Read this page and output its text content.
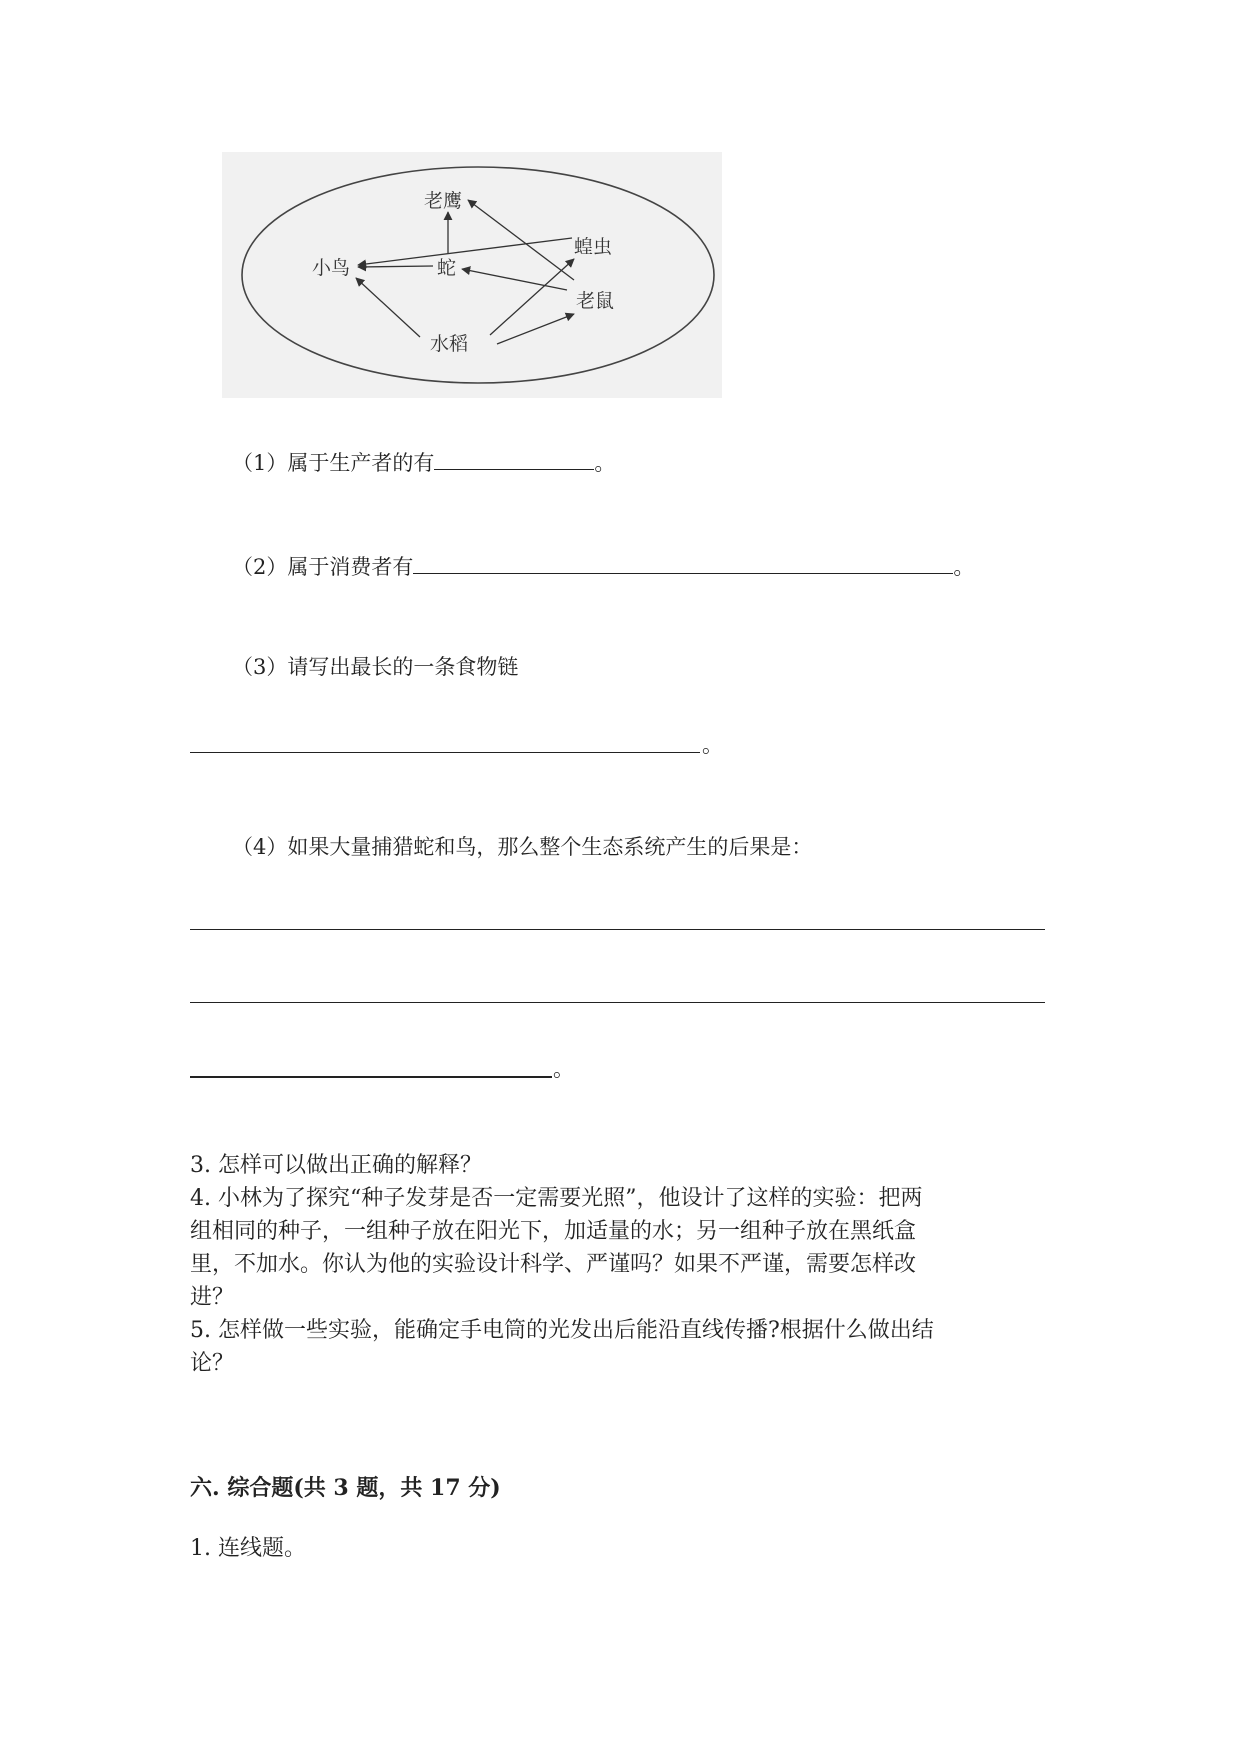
老鹰
蝗虫
小鸟	蛇
老鼠
水稻
（1）属于生产者的有	。
（2）属于消费者有	。
（3）请写出最长的一条食物链
。
（4）如果大量捕猎蛇和鸟，那么整个生态系统产生的后果是：
。
3. 怎样可以做出正确的解释？
4. 小林为了探究“种子发芽是否一定需要光照”，他设计了这样的实验：把两
组相同的种子，一组种子放在阳光下，加适量的水；另一组种子放在黑纸盒
里，不加水。你认为他的实验设计科学、严谨吗？如果不严谨，需要怎样改
进？
5. 怎样做一些实验，能确定手电筒的光发出后能沿直线传播?根据什么做出结
论？
六. 综合题(共 3 题，共 17 分)
1. 连线题。
